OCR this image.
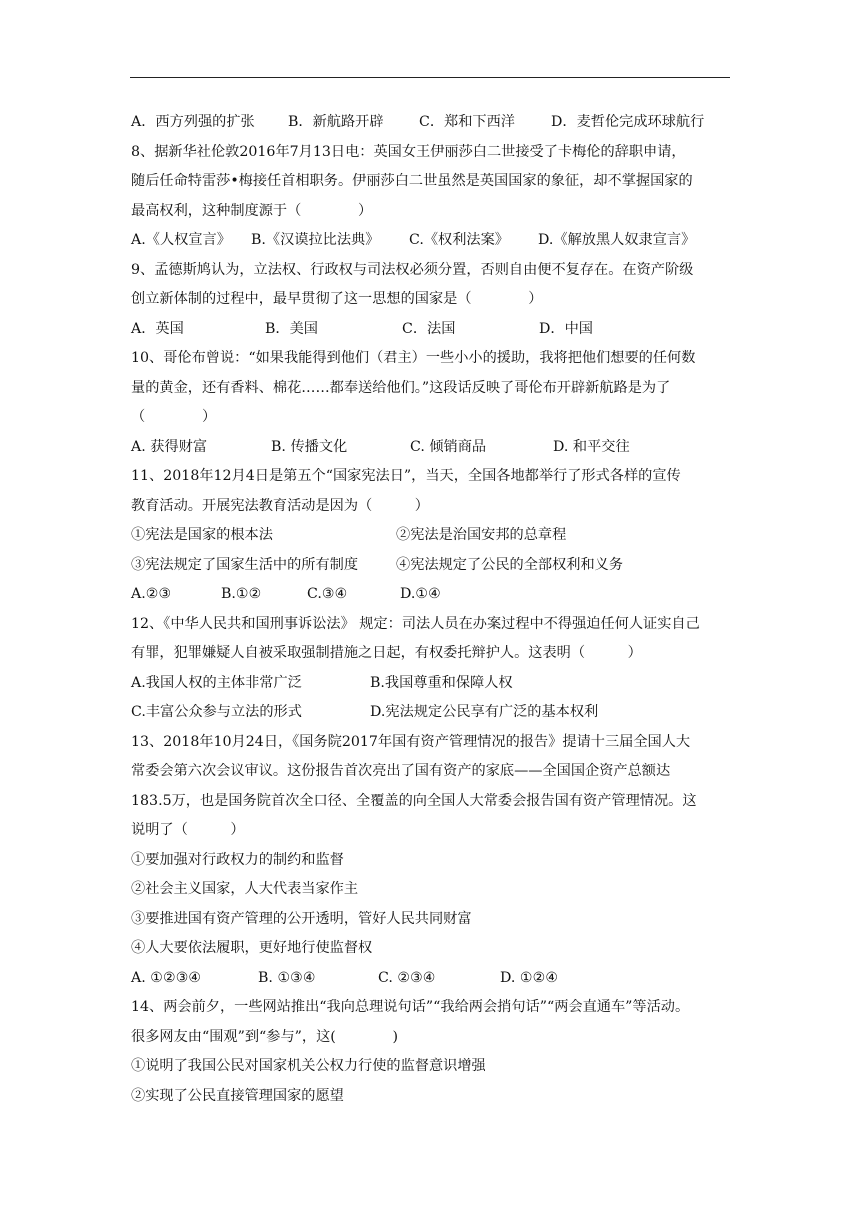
A．西方列强的扩张	B．新航路开辟	C．郑和下西洋	D．麦哲伦完成环球航行
8、据新华社伦敦2016年7月13日电：英国女王伊丽莎白二世接受了卡梅伦的辞职申请，
随后任命特雷莎•梅接任首相职务。伊丽莎白二世虽然是英国国家的象征，却不掌握国家的
最高权利，这种制度源于（　　　　）
A.《人权宣言》	B.《汉谟拉比法典》	C.《权利法案》	D.《解放黑人奴隶宣言》
9、孟德斯鸠认为，立法权、行政权与司法权必须分置，否则自由便不复存在。在资产阶级
创立新体制的过程中，最早贯彻了这一思想的国家是（　　　　）
A．英国	B．美国	C．法国	D．中国
10、哥伦布曾说：“如果我能得到他们（君主）一些小小的援助，我将把他们想要的任何数
量的黄金，还有香料、棉花……都奉送给他们。”这段话反映了哥伦布开辟新航路是为了
（　　　　）
A. 获得财富	B. 传播文化	C. 倾销商品	D. 和平交往
11、2018年12月4日是第五个“国家宪法日”，当天，全国各地都举行了形式各样的宣传
教育活动。开展宪法教育活动是因为（　　　）
①宪法是国家的根本法	②宪法是治国安邦的总章程
③宪法规定了国家生活中的所有制度	④宪法规定了公民的全部权利和义务
A.②③	B.①②	C.③④	D.①④
12、《中华人民共和国刑事诉讼法》 规定：司法人员在办案过程中不得强迫任何人证实自己
有罪，犯罪嫌疑人自被采取强制措施之日起，有权委托辩护人。这表明（　　　）
A.我国人权的主体非常广泛	B.我国尊重和保障人权
C.丰富公众参与立法的形式	D.宪法规定公民享有广泛的基本权利
13、2018年10月24日，《国务院2017年国有资产管理情况的报告》提请十三届全国人大
常委会第六次会议审议。这份报告首次亮出了国有资产的家底——全国国企资产总额达
183.5万，也是国务院首次全口径、全覆盖的向全国人大常委会报告国有资产管理情况。这
说明了（　　　）
①要加强对行政权力的制约和监督
②社会主义国家，人大代表当家作主
③要推进国有资产管理的公开透明，管好人民共同财富
④人大要依法履职，更好地行使监督权
A. ①②③④	B. ①③④	C. ②③④	D. ①②④
14、两会前夕，一些网站推出“我向总理说句话”“我给两会捎句话”“两会直通车”等活动。
很多网友由“围观”到“参与”，这(　　　　)
①说明了我国公民对国家机关公权力行使的监督意识增强
②实现了公民直接管理国家的愿望
